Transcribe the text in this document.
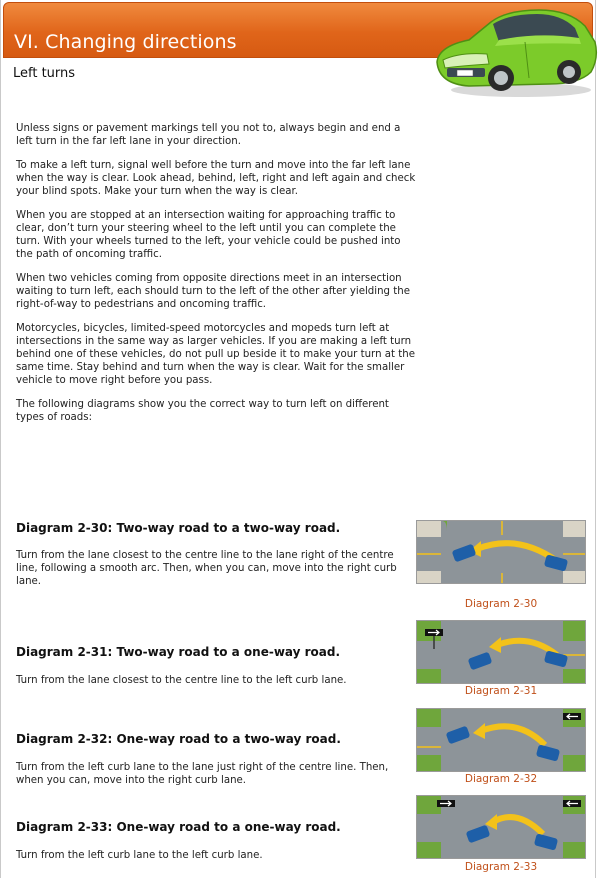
VI. Changing directions
Left turns

Unless signs or pavement markings tell you not to, always begin and end a left turn in the far left lane in your direction.

To make a left turn, signal well before the turn and move into the far left lane when the way is clear. Look ahead, behind, left, right and left again and check your blind spots. Make your turn when the way is clear.

When you are stopped at an intersection waiting for approaching traffic to clear, don’t turn your steering wheel to the left until you can complete the turn. With your wheels turned to the left, your vehicle could be pushed into the path of oncoming traffic.

When two vehicles coming from opposite directions meet in an intersection waiting to turn left, each should turn to the left of the other after yielding the right-of-way to pedestrians and oncoming traffic.

Motorcycles, bicycles, limited-speed motorcycles and mopeds turn left at intersections in the same way as larger vehicles. If you are making a left turn behind one of these vehicles, do not pull up beside it to make your turn at the same time. Stay behind and turn when the way is clear. Wait for the smaller vehicle to move right before you pass.

The following diagrams show you the correct way to turn left on different types of roads:

Diagram 2-30: Two-way road to a two-way road.
Turn from the lane closest to the centre line to the lane right of the centre line, following a smooth arc. Then, when you can, move into the right curb lane.
Diagram 2-30
Diagram 2-31: Two-way road to a one-way road.
Turn from the lane closest to the centre line to the left curb lane.
Diagram 2-31
Diagram 2-32: One-way road to a two-way road.
Turn from the left curb lane to the lane just right of the centre line. Then, when you can, move into the right curb lane.	Diagram 2-32
Diagram 2-33: One-way road to a one-way road.
Turn from the left curb lane to the left curb lane.
Diagram 2-33
